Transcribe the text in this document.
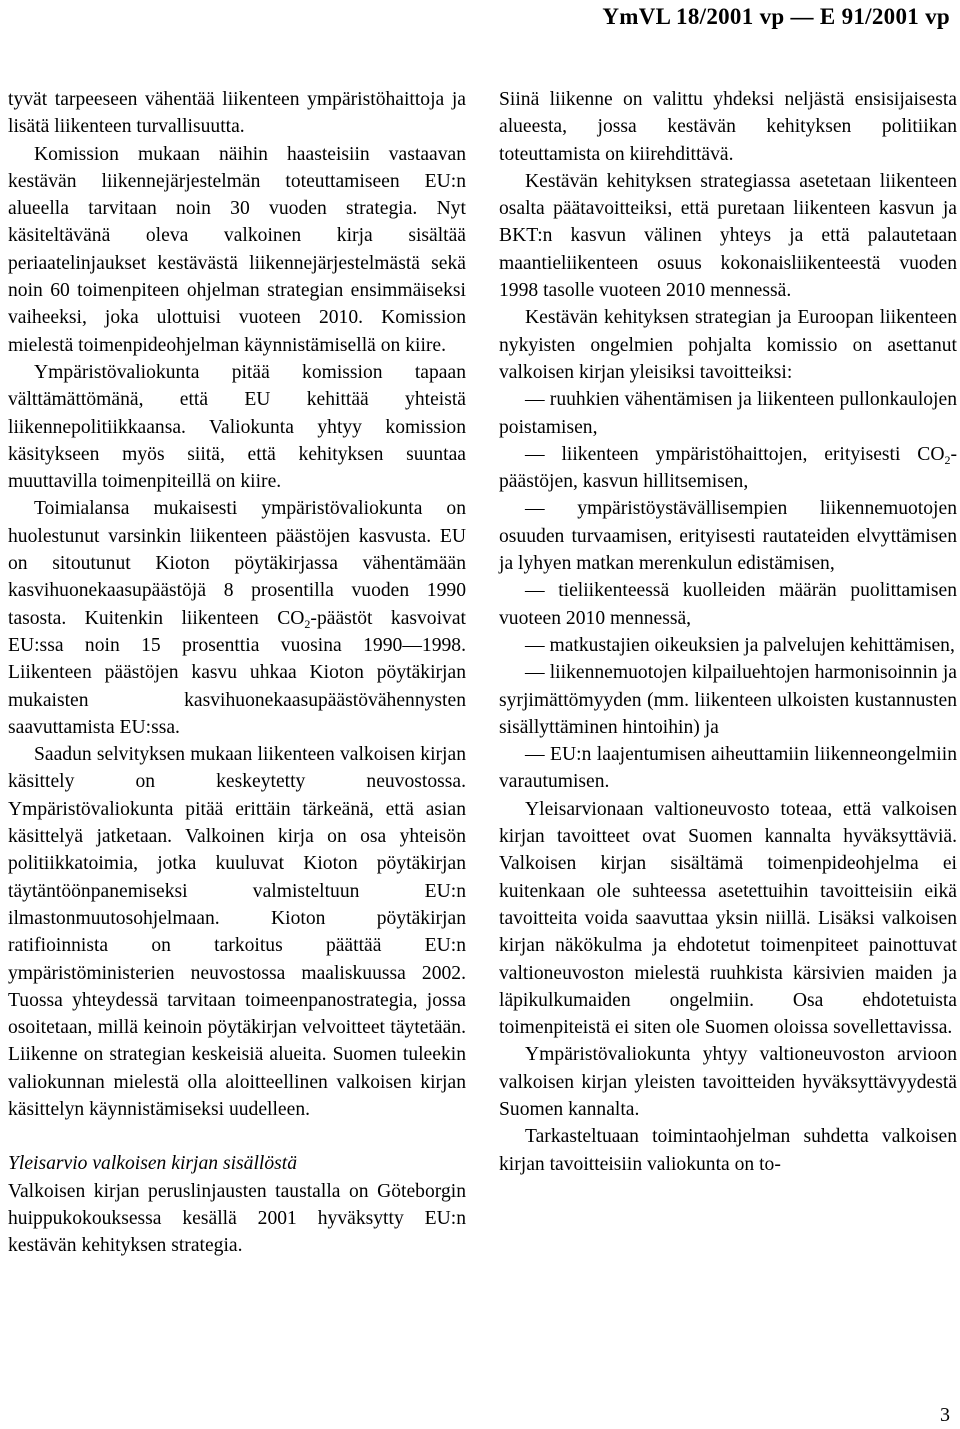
YmVL 18/2001 vp — E 91/2001 vp

tyvät tarpeeseen vähentää liikenteen ympäristöhaittoja ja lisätä liikenteen turvallisuutta.

Komission mukaan näihin haasteisiin vastaavan kestävän liikennejärjestelmän toteuttamiseen EU:n alueella tarvitaan noin 30 vuoden strategia. Nyt käsiteltävänä oleva valkoinen kirja sisältää periaatelinjaukset kestävästä liikennejärjestelmästä sekä noin 60 toimenpiteen ohjelman strategian ensimmäiseksi vaiheeksi, joka ulottuisi vuoteen 2010. Komission mielestä toimenpideohjelman käynnistämisellä on kiire.

Ympäristövaliokunta pitää komission tapaan välttämättömänä, että EU kehittää yhteistä liikennepolitiikkaansa. Valiokunta yhtyy komission käsitykseen myös siitä, että kehityksen suuntaa muuttavilla toimenpiteillä on kiire.

Toimialansa mukaisesti ympäristövaliokunta on huolestunut varsinkin liikenteen päästöjen kasvusta. EU on sitoutunut Kioton pöytäkirjassa vähentämään kasvihuonekaasupäästöjä 8 prosentilla vuoden 1990 tasosta. Kuitenkin liikenteen $CO_2$-päästöt kasvoivat EU:ssa noin 15 prosenttia vuosina 1990—1998. Liikenteen päästöjen kasvu uhkaa Kioton pöytäkirjan mukaisten kasvihuonekaasupäästövähennysten saavuttamista EU:ssa.

Saadun selvityksen mukaan liikenteen valkoisen kirjan käsittely on keskeytetty neuvostossa. Ympäristövaliokunta pitää erittäin tärkeänä, että asian käsittelyä jatketaan. Valkoinen kirja on osa yhteisön politiikkatoimia, jotka kuuluvat Kioton pöytäkirjan täytäntöönpanemiseksi valmisteltuun EU:n ilmastonmuutosohjelmaan. Kioton pöytäkirjan ratifioinnista on tarkoitus päättää EU:n ympäristöministerien neuvostossa maaliskuussa 2002. Tuossa yhteydessä tarvitaan toimeenpanostrategia, jossa osoitetaan, millä keinoin pöytäkirjan velvoitteet täytetään. Liikenne on strategian keskeisiä alueita. Suomen tuleekin valiokunnan mielestä olla aloitteellinen valkoisen kirjan käsittelyn käynnistämiseksi uudelleen.

Yleisarvio valkoisen kirjan sisällöstä

Valkoisen kirjan peruslinjausten taustalla on Göteborgin huippukokouksessa kesällä 2001 hyväksytty EU:n kestävän kehityksen strategia.

Siinä liikenne on valittu yhdeksi neljästä ensisijaisesta alueesta, jossa kestävän kehityksen politiikan toteuttamista on kiirehdittävä.

Kestävän kehityksen strategiassa asetetaan liikenteen osalta päätavoitteiksi, että puretaan liikenteen kasvun ja BKT:n kasvun välinen yhteys ja että palautetaan maantieliikenteen osuus kokonaisliikenteestä vuoden 1998 tasolle vuoteen 2010 mennessä.

Kestävän kehityksen strategian ja Euroopan liikenteen nykyisten ongelmien pohjalta komissio on asettanut valkoisen kirjan yleisiksi tavoitteiksi:

— ruuhkien vähentämisen ja liikenteen pullonkaulojen poistamisen,

— liikenteen ympäristöhaittojen, erityisesti $CO_2$-päästöjen, kasvun hillitsemisen,

— ympäristöystävällisempien liikennemuotojen osuuden turvaamisen, erityisesti rautateiden elvyttämisen ja lyhyen matkan merenkulun edistämisen,

— tieliikenteessä kuolleiden määrän puolittamisen vuoteen 2010 mennessä,

— matkustajien oikeuksien ja palvelujen kehittämisen,

— liikennemuotojen kilpailuehtojen harmonisoinnin ja syrjimättömyyden (mm. liikenteen ulkoisten kustannusten sisällyttäminen hintoihin) ja

— EU:n laajentumisen aiheuttamiin liikenneongelmiin varautumisen.

Yleisarvionaan valtioneuvosto toteaa, että valkoisen kirjan tavoitteet ovat Suomen kannalta hyväksyttäviä. Valkoisen kirjan sisältämä toimenpideohjelma ei kuitenkaan ole suhteessa asetettuihin tavoitteisiin eikä tavoitteita voida saavuttaa yksin niillä. Lisäksi valkoisen kirjan näkökulma ja ehdotetut toimenpiteet painottuvat valtioneuvoston mielestä ruuhkista kärsivien maiden ja läpikulkumaiden ongelmiin. Osa ehdotetuista toimenpiteistä ei siten ole Suomen oloissa sovellettavissa.

Ympäristövaliokunta yhtyy valtioneuvoston arvioon valkoisen kirjan yleisten tavoitteiden hyväksyttävyydestä Suomen kannalta.

Tarkasteltuaan toimintaohjelman suhdetta valkoisen kirjan tavoitteisiin valiokunta on to-

3
